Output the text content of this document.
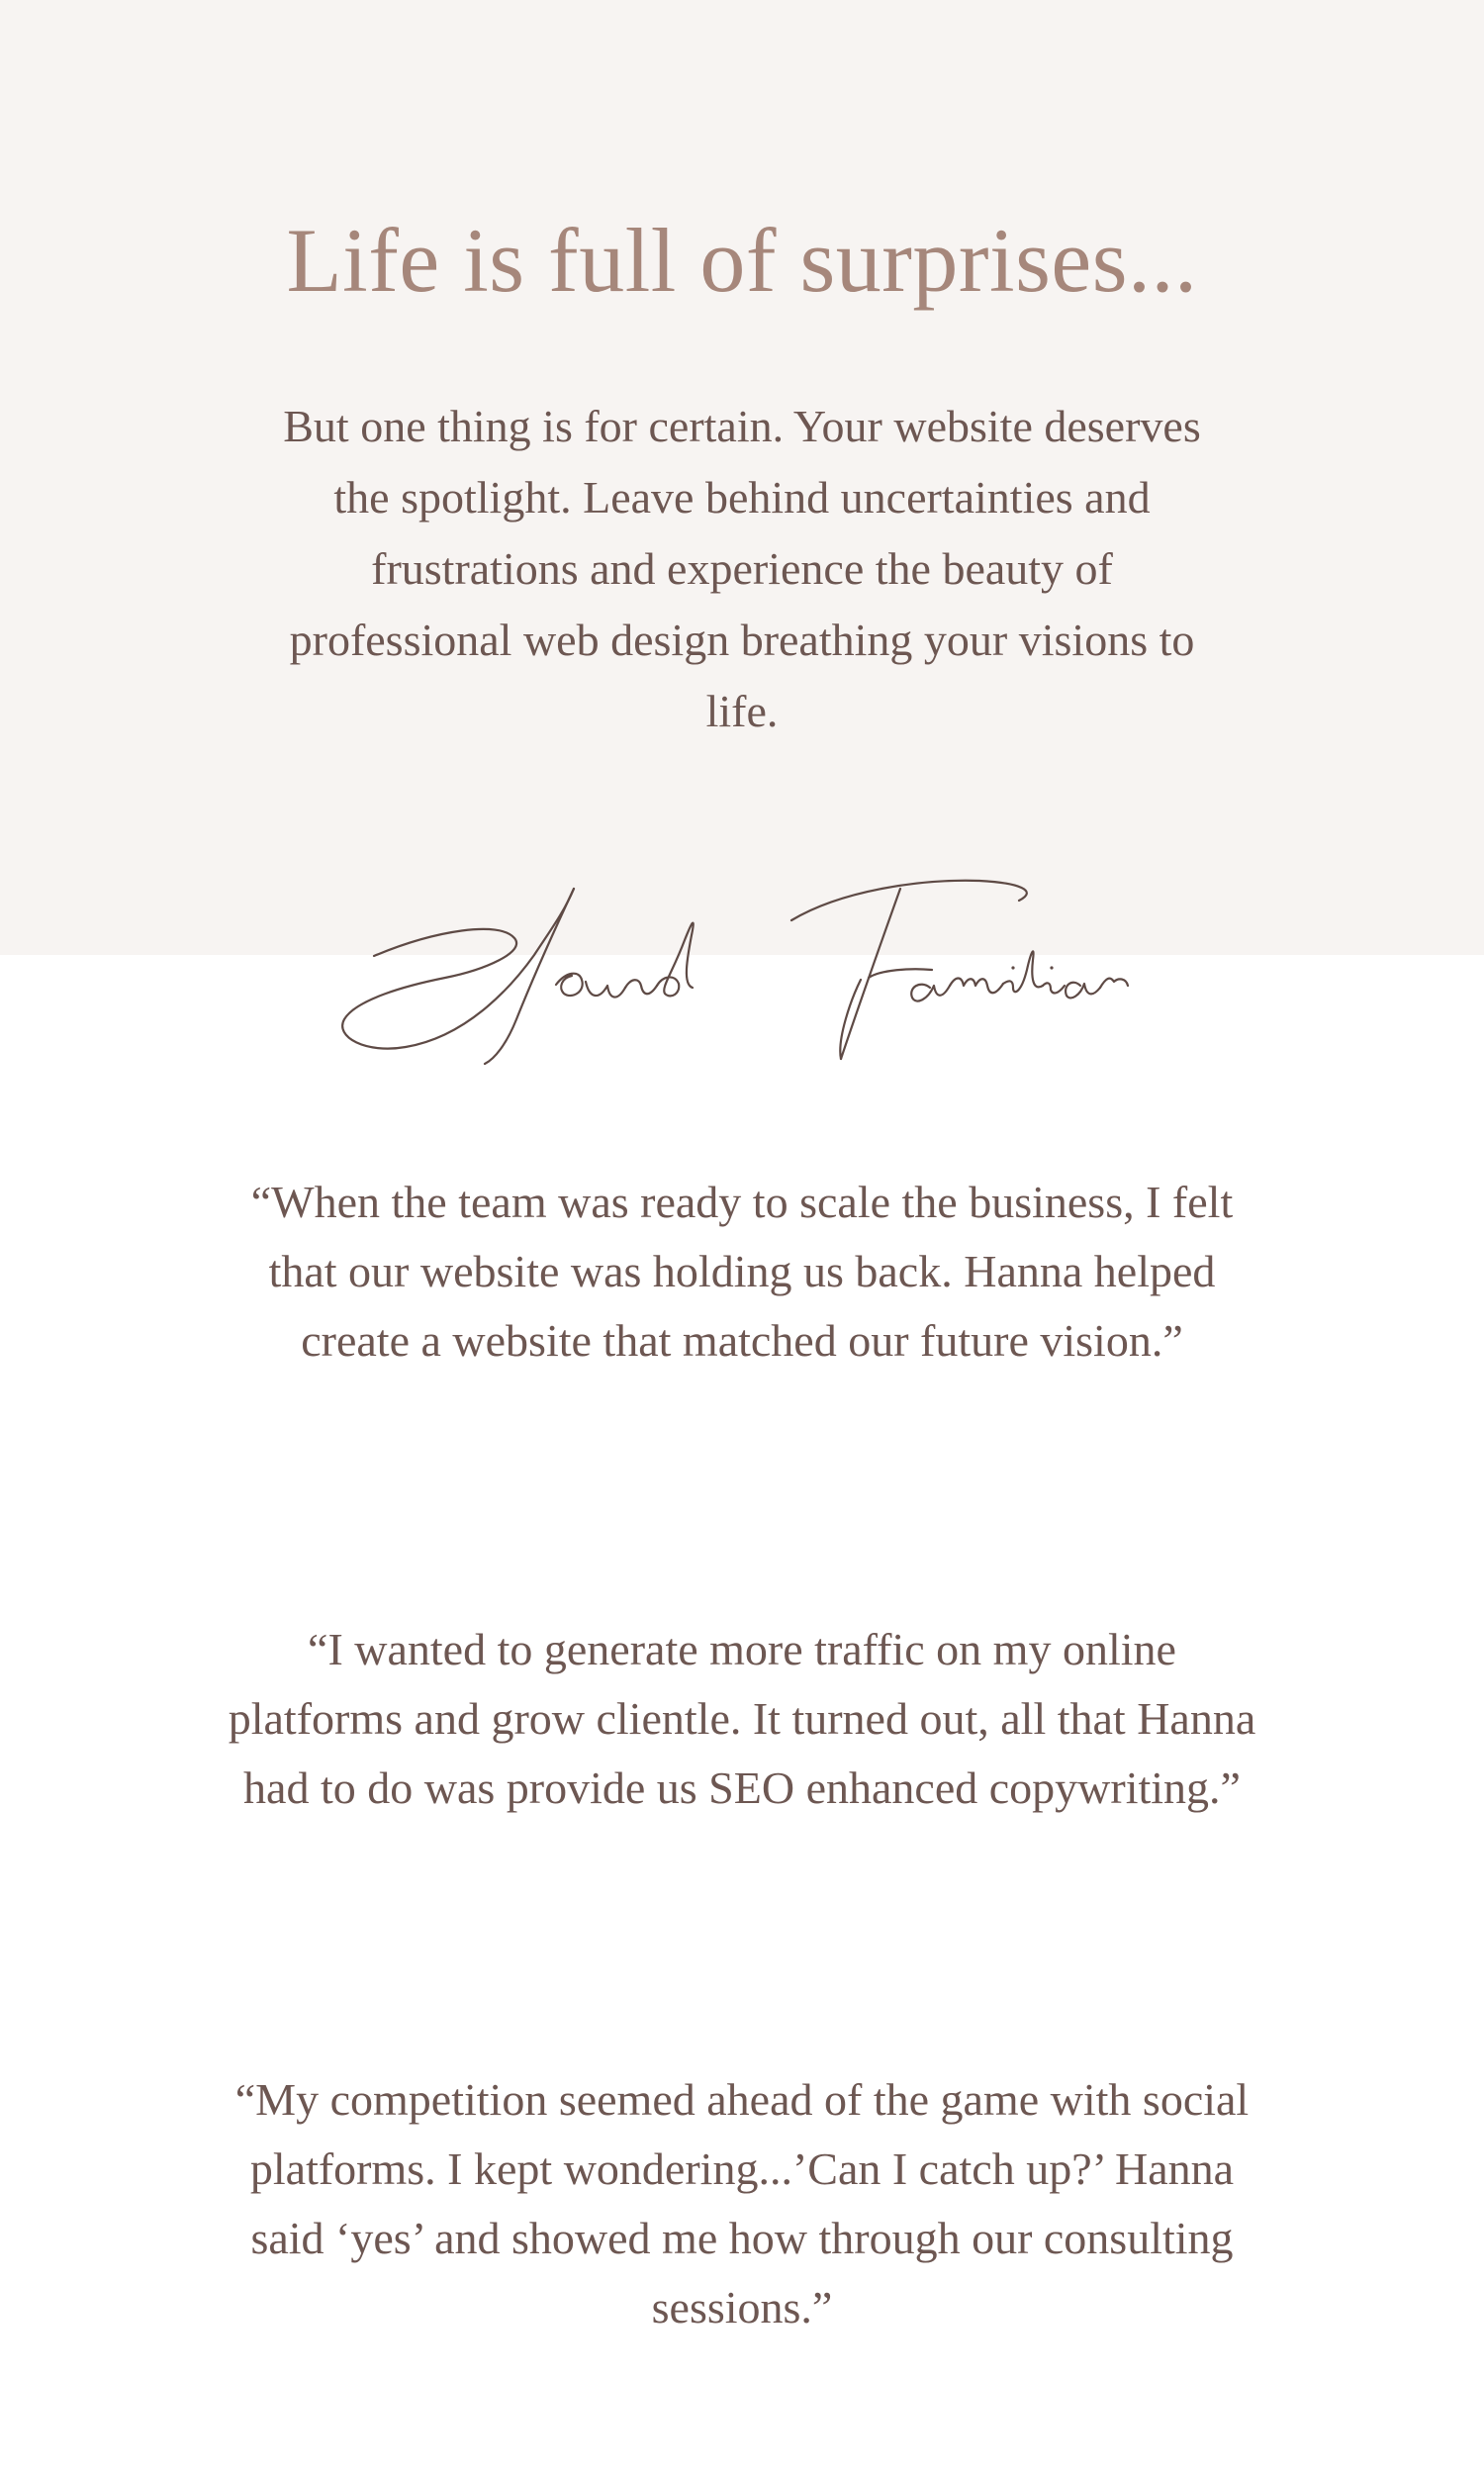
Life is full of surprises...

But one thing is for certain. Your website deserves the spotlight. Leave behind uncertainties and frustrations and experience the beauty of professional web design breathing your visions to life.

“When the team was ready to scale the business, I felt that our website was holding us back. Hanna helped create a website that matched our future vision.”

“I wanted to generate more traffic on my online platforms and grow clientle. It turned out, all that Hanna had to do was provide us SEO enhanced copywriting.”

“My competition seemed ahead of the game with social platforms. I kept wondering...’Can I catch up?’ Hanna said ‘yes’ and showed me how through our consulting sessions.”
